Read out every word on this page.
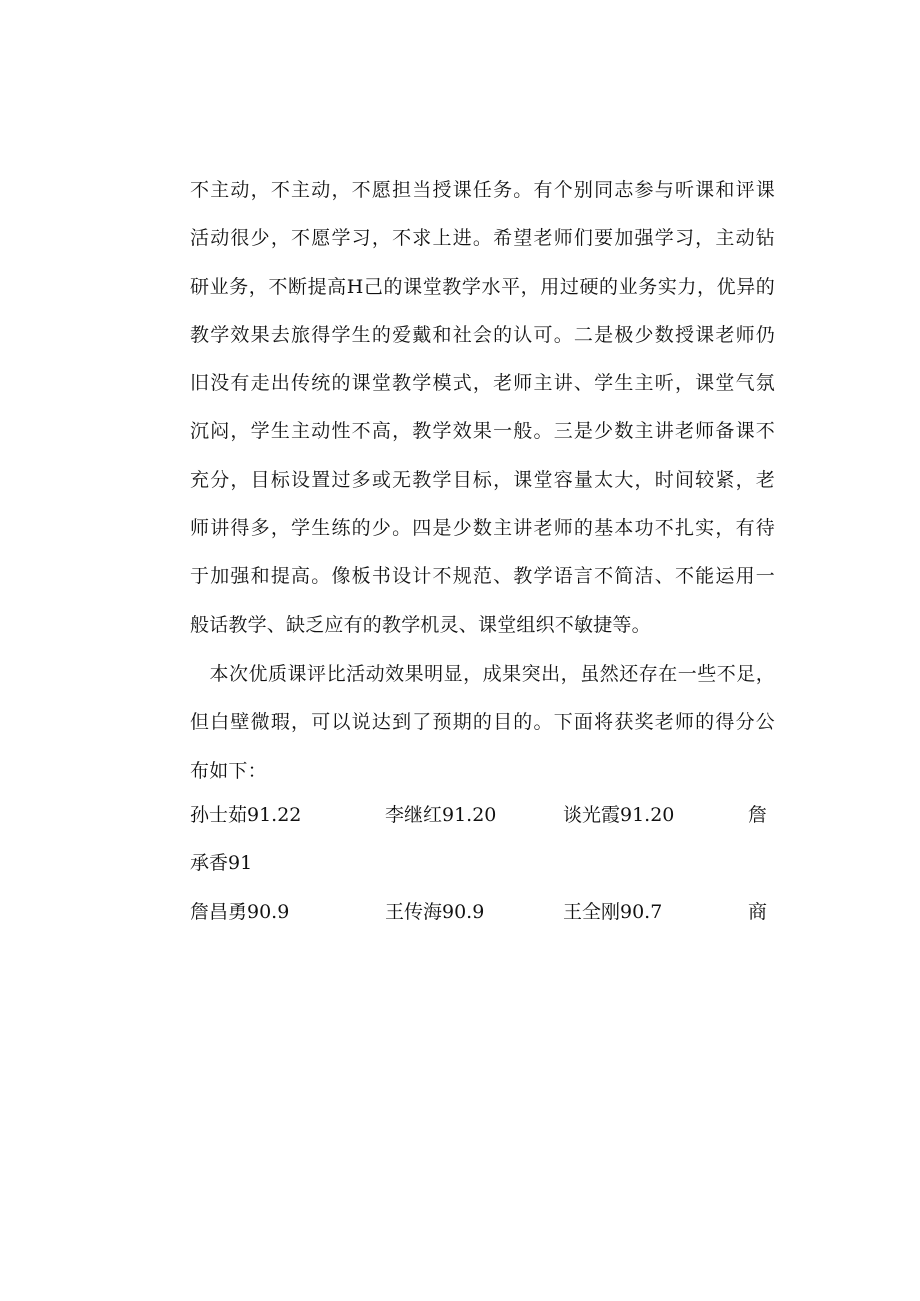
不主动，不主动，不愿担当授课任务。有个别同志参与听课和评课
活动很少，不愿学习，不求上进。希望老师们要加强学习，主动钻
研业务，不断提高H己的课堂教学水平，用过硬的业务实力，优异的
教学效果去旅得学生的爱戴和社会的认可。二是极少数授课老师仍
旧没有走出传统的课堂教学模式，老师主讲、学生主听，课堂气氛
沉闷，学生主动性不高，教学效果一般。三是少数主讲老师备课不
充分，目标设置过多或无教学目标，课堂容量太大，时间较紧，老
师讲得多，学生练的少。四是少数主讲老师的基本功不扎实，有待
于加强和提高。像板书设计不规范、教学语言不简洁、不能运用一
般话教学、缺乏应有的教学机灵、课堂组织不敏捷等。
　本次优质课评比活动效果明显，成果突出，虽然还存在一些不足，
但白壁微瑕，可以说达到了预期的目的。下面将获奖老师的得分公
布如下：
孙士茹91.22	李继红91.20	谈光霞91.20	詹
承香91
詹昌勇90.9	王传海90.9	王全刚90.7	商
